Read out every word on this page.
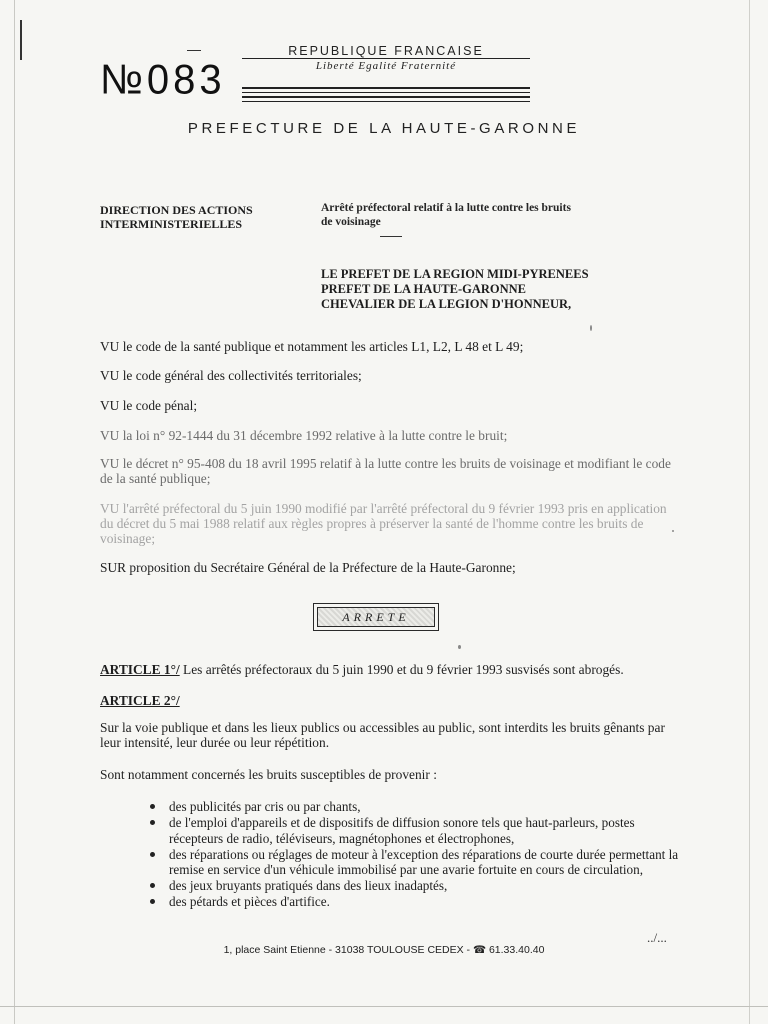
№083
REPUBLIQUE FRANCAISE
Liberté Egalité Fraternité
PREFECTURE DE LA HAUTE-GARONNE
DIRECTION DES ACTIONS
INTERMINISTERIELLES
Arrêté préfectoral relatif à la lutte contre les bruits
de voisinage
LE PREFET DE LA REGION MIDI-PYRENEES
PREFET DE LA HAUTE-GARONNE
CHEVALIER DE LA LEGION D'HONNEUR,
VU le code de la santé publique et notamment les articles L1, L2, L 48 et L 49;
VU le code général des collectivités territoriales;
VU le code pénal;
VU la loi n° 92-1444 du 31 décembre 1992 relative à la lutte contre le bruit;
VU le décret n° 95-408 du 18 avril 1995 relatif à la lutte contre les bruits de voisinage et modifiant le code de la santé publique;
VU l'arrêté préfectoral du 5 juin 1990 modifié par l'arrêté préfectoral du 9 février 1993 pris en application du décret du 5 mai 1988 relatif aux règles propres à préserver la santé de l'homme contre les bruits de voisinage;
SUR proposition du Secrétaire Général de la Préfecture de la Haute-Garonne;
ARRETE
ARTICLE 1°/ Les arrêtés préfectoraux du 5 juin 1990 et du 9 février 1993 susvisés sont abrogés.
ARTICLE 2°/
Sur la voie publique et dans les lieux publics ou accessibles au public, sont interdits les bruits gênants par leur intensité, leur durée ou leur répétition.
Sont notamment concernés les bruits susceptibles de provenir :
des publicités par cris ou par chants,
de l'emploi d'appareils et de dispositifs de diffusion sonore tels que haut-parleurs, postes récepteurs de radio, téléviseurs, magnétophones et électrophones,
des réparations ou réglages de moteur à l'exception des réparations de courte durée permettant la remise en service d'un véhicule immobilisé par une avarie fortuite en cours de circulation,
des jeux bruyants pratiqués dans des lieux inadaptés,
des pétards et pièces d'artifice.
../...
1, place Saint Etienne - 31038 TOULOUSE CEDEX - ☎ 61.33.40.40
